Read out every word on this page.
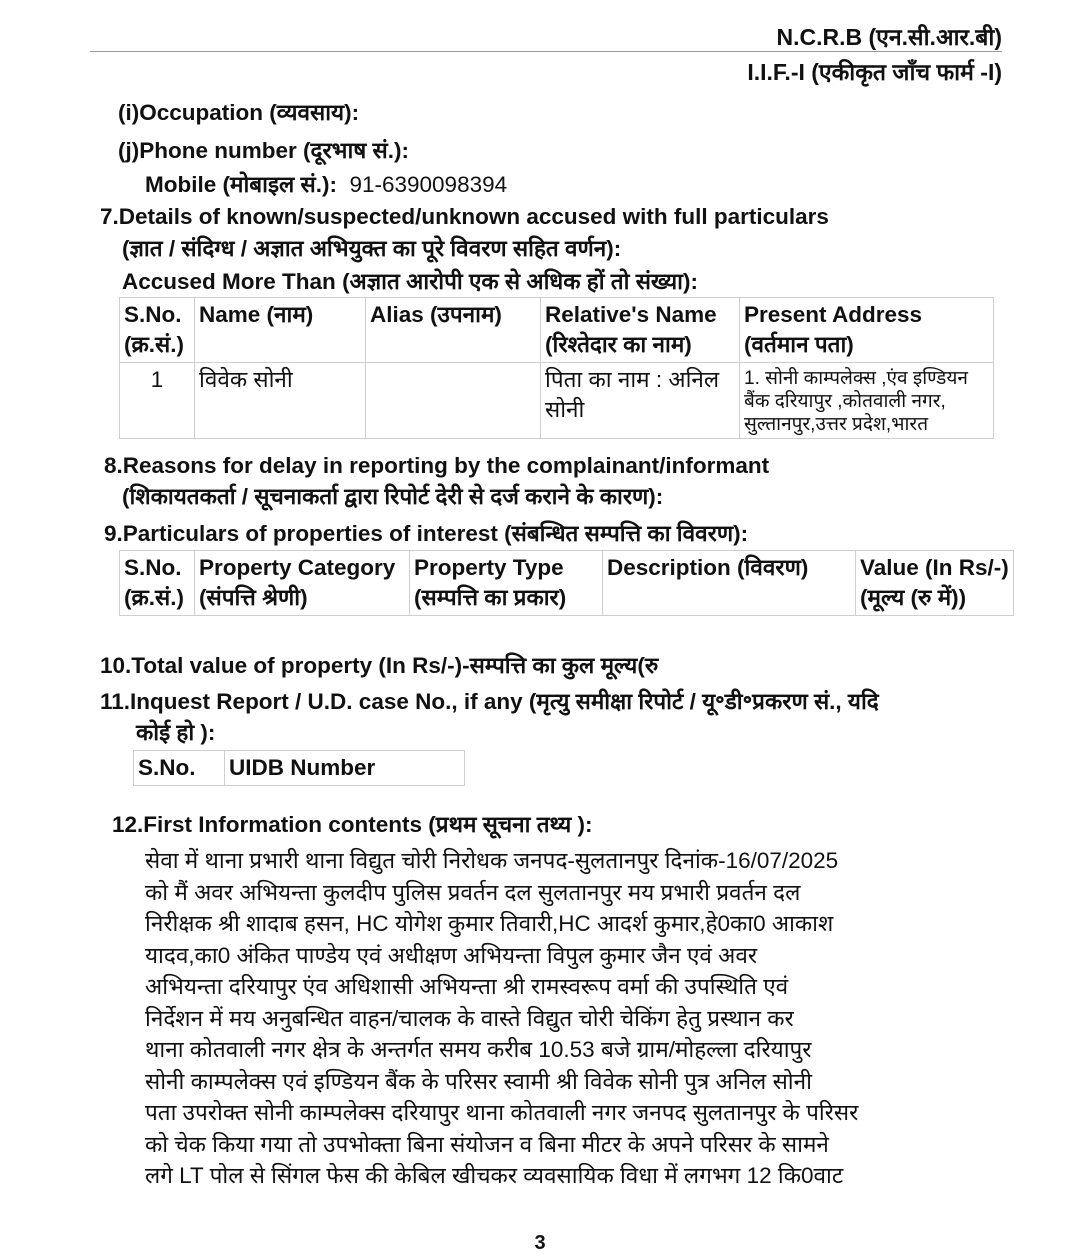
N.C.R.B (एन.सी.आर.बी)
I.I.F.-I (एकीकृत जाँच फार्म -I)
(i)Occupation (व्यवसाय):
(j)Phone number (दूरभाष सं.):
Mobile (मोबाइल सं.): 91-6390098394
7.Details of known/suspected/unknown accused with full particulars
(ज्ञात / संदिग्ध / अज्ञात अभियुक्त का पूरे विवरण सहित वर्णन):
Accused More Than (अज्ञात आरोपी एक से अधिक हों तो संख्या):
S.No. (क्र.सं.)	Name (नाम)	Alias (उपनाम)	Relative's Name (रिश्तेदार का नाम)	Present Address (वर्तमान पता)
1	विवेक सोनी		पिता का नाम : अनिल सोनी	1. सोनी काम्पलेक्स ,एंव इण्डियन बैंक दरियापुर ,कोतवाली नगर, सुल्तानपुर,उत्तर प्रदेश,भारत
8.Reasons for delay in reporting by the complainant/informant
(शिकायतकर्ता / सूचनाकर्ता द्वारा रिपोर्ट देरी से दर्ज कराने के कारण):
9.Particulars of properties of interest (संबन्धित सम्पत्ति का विवरण):
S.No. (क्र.सं.)	Property Category (संपत्ति श्रेणी)	Property Type (सम्पत्ति का प्रकार)	Description (विवरण)	Value (In Rs/-) (मूल्य (रु में))
10.Total value of property (In Rs/-)-सम्पत्ति का कुल मूल्य(रु
11.Inquest Report / U.D. case No., if any (मृत्यु समीक्षा रिपोर्ट / यू॰डी॰प्रकरण सं., यदि
कोई हो ):
S.No.	UIDB Number
12.First Information contents (प्रथम सूचना तथ्य ):
सेवा में थाना प्रभारी थाना विद्युत चोरी निरोधक जनपद-सुलतानपुर दिनांक-16/07/2025
को मैं अवर अभियन्ता कुलदीप पुलिस प्रवर्तन दल सुलतानपुर मय प्रभारी प्रवर्तन दल
निरीक्षक श्री शादाब हसन, HC योगेश कुमार तिवारी,HC आदर्श कुमार,हे0का0 आकाश
यादव,का0 अंकित पाण्डेय एवं अधीक्षण अभियन्ता विपुल कुमार जैन एवं अवर
अभियन्ता दरियापुर एंव अधिशासी अभियन्ता श्री रामस्वरूप वर्मा की उपस्थिति एवं
निर्देशन में मय अनुबन्धित वाहन/चालक के वास्ते विद्युत चोरी चेकिंग हेतु प्रस्थान कर
थाना कोतवाली नगर क्षेत्र के अन्तर्गत समय करीब 10.53 बजे ग्राम/मोहल्ला दरियापुर
सोनी काम्पलेक्स एवं इण्डियन बैंक के परिसर स्वामी श्री विवेक सोनी पुत्र अनिल सोनी
पता उपरोक्त सोनी काम्पलेक्स दरियापुर थाना कोतवाली नगर जनपद सुलतानपुर के परिसर
को चेक किया गया तो उपभोक्ता बिना संयोजन व बिना मीटर के अपने परिसर के सामने
लगे LT पोल से सिंगल फेस की केबिल खीचकर व्यवसायिक विधा में लगभग 12 कि0वाट
3
